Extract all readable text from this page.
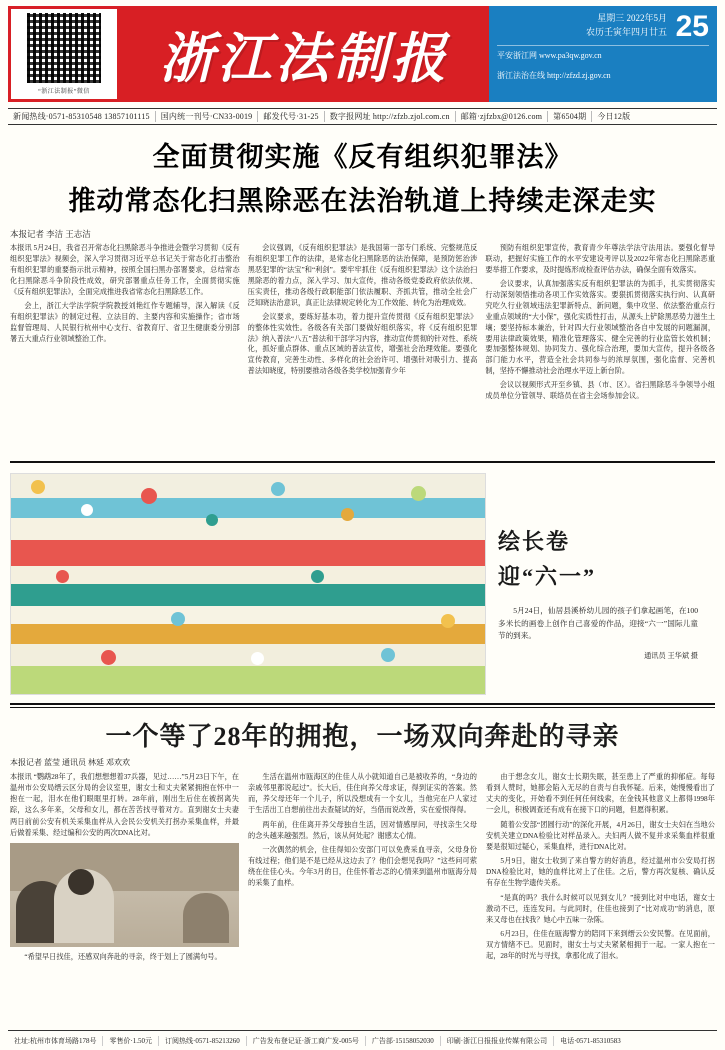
“浙江法制报”微信
浙江法制报
25
星期三 2022年5月
农历壬寅年四月廿五
平安浙江网 www.pa3qw.gov.cn
浙江法治在线 http://zfzd.zj.gov.cn
新闻热线·0571-85310548 13857101115	国内统一刊号·CN33-0019	邮发代号·31-25	数字报网址 http://zfzb.zjol.com.cn	邮箱·zjfzbx@0126.com	第6504期	今日12版
全面贯彻实施《反有组织犯罪法》
推动常态化扫黑除恶在法治轨道上持续走深走实
本报记者 李洁 王志洁

本报讯 5月24日，我省召开常态化扫黑除恶斗争推进会暨学习贯彻《反有组织犯罪法》视频会，深入学习贯彻习近平总书记关于常态化打击整治有组织犯罪的重要指示批示精神，按照全国扫黑办部署要求，总结常态化扫黑除恶斗争阶段性成效，研究部署重点任务工作，全面贯彻实施《反有组织犯罪法》，全面完成推进我省常态化扫黑除恶工作。

会上，浙江大学法学院学院教授刘艳红作专题辅导，深入解读《反有组织犯罪法》的制定过程、立法目的、主要内容和实施操作；省市场监督管理局、人民银行杭州中心支行、省教育厅、省卫生健康委分别部署五大重点行业领域整治工作。

会议强调，《反有组织犯罪法》是我国第一部专门系统、完整规范反有组织犯罪工作的法律，是常态化扫黑除恶的法治保障，是预防惩治涉黑恶犯罪的“法宝”和“利剑”。要牢牢抓住《反有组织犯罪法》这个法治扫黑除恶的着力点，深入学习、加大宣传，推动各级党委政府依法依规、压实责任，推动各级行政职能部门依法履职、齐抓共管，推动全社会广泛知晓法治意识，真正让法律规定转化为工作效能、转化为治理成效。

会议要求，要练好基本功，着力提升宣传贯彻《反有组织犯罪法》的整体性实效性。各级各有关部门要做好组织落实，将《反有组织犯罪法》纳入普法“八五”普法和干部学习内容，推动宣传贯彻的针对性、系统化，抓好重点群体、重点区域的普法宣传，增强社会治理效能。要强化宣传教育，完善生动性、多样化的社会治许可、增强针对吸引力、提高普法知晓度，特别要推动各级各类学校加强青少年

预防有组织犯罪宣传，教育青少年尊法学法守法用法。要强化督导联动，把握好实施工作的水平安建设考评以及2022年常态化扫黑除恶重要举措工作要求，及时提炼形成检查评估办法，确保全面有效落实。

会议要求，认真加强落实反有组织犯罪法的为抓手，扎实贯彻落实行动深刻领悟推动各项工作实效落实。要狠抓贯彻落实执行向、认真研究吃久行业领域违法犯罪新特点、新问题，集中攻坚、依法整治重点行业重点领域的“大小保”，强化实质性打击，从源头上铲除黑恶势力滋生土壤；要坚持标本兼治，针对四大行业领域整治各自中发展的问题漏洞，要用法律政策效果，精准化管理落实、健全完善的行业监管长效机制；要加强整体规划、协同发力、强化综合治理，要加大宣传，提升各级各部门能力水平，营造全社会共同参与的浓厚氛围，强化监督、完善机制，坚持不懈推动社会治理水平迈上新台阶。

会议以视频形式开至乡镇、县（市、区）。省扫黑除恶斗争领导小组成员单位分管领导、联络员在省主会场参加会议。

绘长卷
迎“六一”

5月24日，仙居县溪桥幼儿园的孩子们拿起画笔，在100多米长的画卷上创作自己喜爱的作品，迎接“六一”国际儿童节的到来。

通讯员 王华斌 摄

一个等了28年的拥抱，一场双向奔赴的寻亲
本报记者 蓝莹 通讯员 林延 邓欢欢

本报讯 “鹦鹉28年了，我们想想想着37兵器，见过……”5月23日下午，在温州市公安局缙云区分局的会议室里，谢女士和丈夫紧紧拥抱在怀中一抱在一起，泪水在他们眼眶里打转。28年前，刚出生后住在被拐离失踪，这么多年来，父母和女儿，都在苦苦找寻着对方。直到谢女士夫妻两日前前公安有机关采集血样从入会民公安机关打拐办采集血样，并最后做着采集、经过编和公安的两次DNA比对。

“希望早日找佳，还感双向奔赴的寻亲，终于划上了圆满句号。

生活在温州市瓯海区的住佳人从小就知道自己是被收养的，“身边的亲戚邻里都说起过”。长大后，佳住向养父母求证，得到证实的答案。然而，养父母还年一个儿子，所以没想成有一个女儿，当他完在户人家过于生活出工自想前往出去查疑试的好，当借而说改善，实在爱恨得得。

两年前，住佳离开养父母独自生活，因对情感厚问，寻找亲生父母的念头越来越强烈。然后，该从何处起？谢感太心情。

一次偶然的机会，住佳得知公安部门可以免费采血寻亲，父母身份有线过程；他们是不是已经从这边去了？他们会想见我吗？”这些问可萦绕在住佳心头。今年3月的日，住佳怀着忐忑的心情来到温州市瓯海分局的采集了血样。

由于想念女儿，谢女士长期失眠，甚至患上了严重的抑郁症。每每看到人赞时，她都会陷入无尽的自责与自我怀疑。后来，她慢慢看出了丈夫的变化，开始看不到任何任何线索，在金钱其他意义上都得1998年一会儿，积极调查还有成有在接下口的问题，但愿得积累。

随着公安部“团圆行动”的深化开展，4月26日，谢女士夫妇在当地公安机关建立DNA检验比对样品录入。夫妇两人做不复并求采集血样很重要是很知过疑心，采集血样，进行DNA比对。

5月9日，谢女士收到了来自警方的好消息，经过温州市公安局打拐DNA检验比对，她的血样比对上了住佳。之后，警方再次复核、确认反有存在生物学遗传关系。

“是真的吗？我什么时候可以见到女儿？”接到比对中电话，谢女士激动不已，连连发问。与此同时，住佳也接到了“比对成功”的消息，原来又母也在找我？她心中五味一杂陈。

6月23日，住佳在瓯海警方的陪同下来到缙云公安民警。在见面前，双方情绪不已。见面时，谢女士与丈夫紧紧相拥于一起。一家人抱在一起，28年的时光与寻找，拿那化成了泪水。

社址:杭州市体育场路178号	零售价·1.50元	订阅热线·0571-85213260	广告发布登记证·浙工商广发-005号	广告部·15158052030	印刷·浙江日报报业传媒有限公司	电话·0571-85310583
